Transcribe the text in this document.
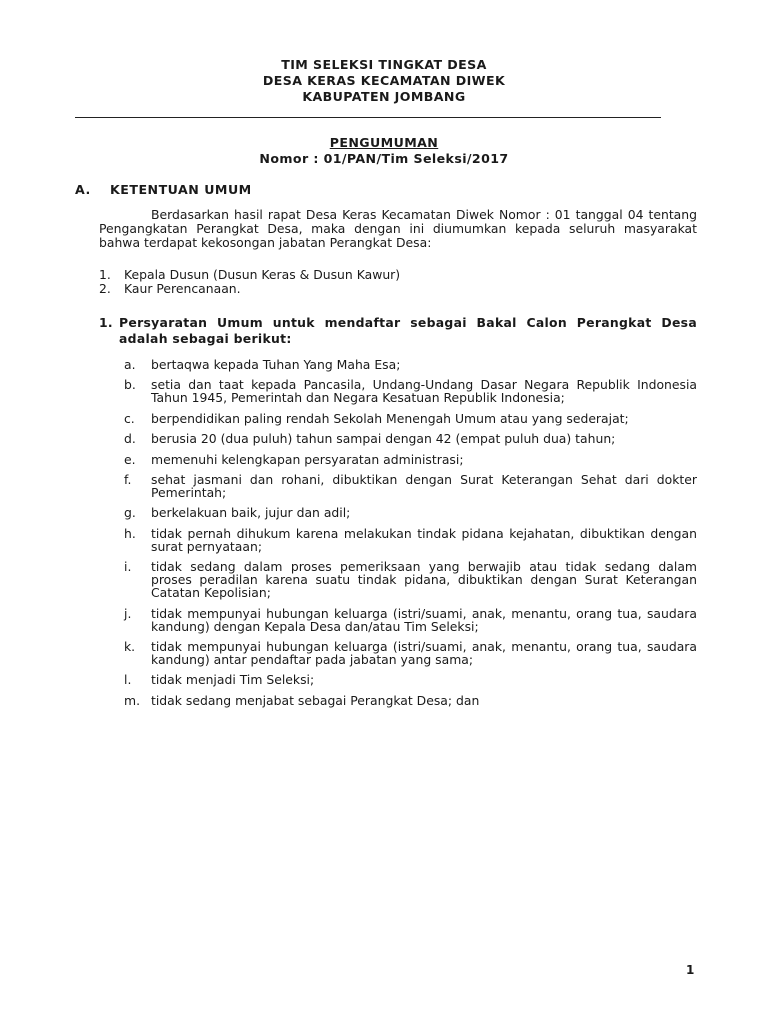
TIM SELEKSI TINGKAT DESA
DESA KERAS KECAMATAN DIWEK
KABUPATEN JOMBANG
PENGUMUMAN
Nomor : 01/PAN/Tim Seleksi/2017
A. KETENTUAN UMUM
Berdasarkan hasil rapat Desa Keras Kecamatan Diwek Nomor : 01 tanggal 04 tentang Pengangkatan Perangkat Desa, maka dengan ini diumumkan kepada seluruh masyarakat bahwa terdapat kekosongan jabatan Perangkat Desa:
1.	Kepala Dusun (Dusun Keras & Dusun Kawur)
2.	Kaur Perencanaan.
1. Persyaratan Umum untuk mendaftar sebagai Bakal Calon Perangkat Desa adalah sebagai berikut:
a.	bertaqwa kepada Tuhan Yang Maha Esa;
b.	setia dan taat kepada Pancasila, Undang-Undang Dasar Negara Republik Indonesia Tahun 1945, Pemerintah dan Negara Kesatuan Republik Indonesia;
c.	berpendidikan paling rendah Sekolah Menengah Umum atau yang sederajat;
d.	berusia 20 (dua puluh) tahun sampai dengan 42 (empat puluh dua) tahun;
e.	memenuhi kelengkapan persyaratan administrasi;
f.	sehat jasmani dan rohani, dibuktikan dengan Surat Keterangan Sehat dari dokter Pemerintah;
g.	berkelakuan baik, jujur dan adil;
h.	tidak pernah dihukum karena melakukan tindak pidana kejahatan, dibuktikan dengan surat pernyataan;
i.	tidak sedang dalam proses pemeriksaan yang berwajib atau tidak sedang dalam proses peradilan karena suatu tindak pidana, dibuktikan dengan Surat Keterangan Catatan Kepolisian;
j.	tidak mempunyai hubungan keluarga (istri/suami, anak, menantu, orang tua, saudara kandung) dengan Kepala Desa dan/atau Tim Seleksi;
k.	tidak mempunyai hubungan keluarga (istri/suami, anak, menantu, orang tua, saudara kandung) antar pendaftar pada jabatan yang sama;
l.	tidak menjadi Tim Seleksi;
m. tidak sedang menjabat sebagai Perangkat Desa; dan
1
